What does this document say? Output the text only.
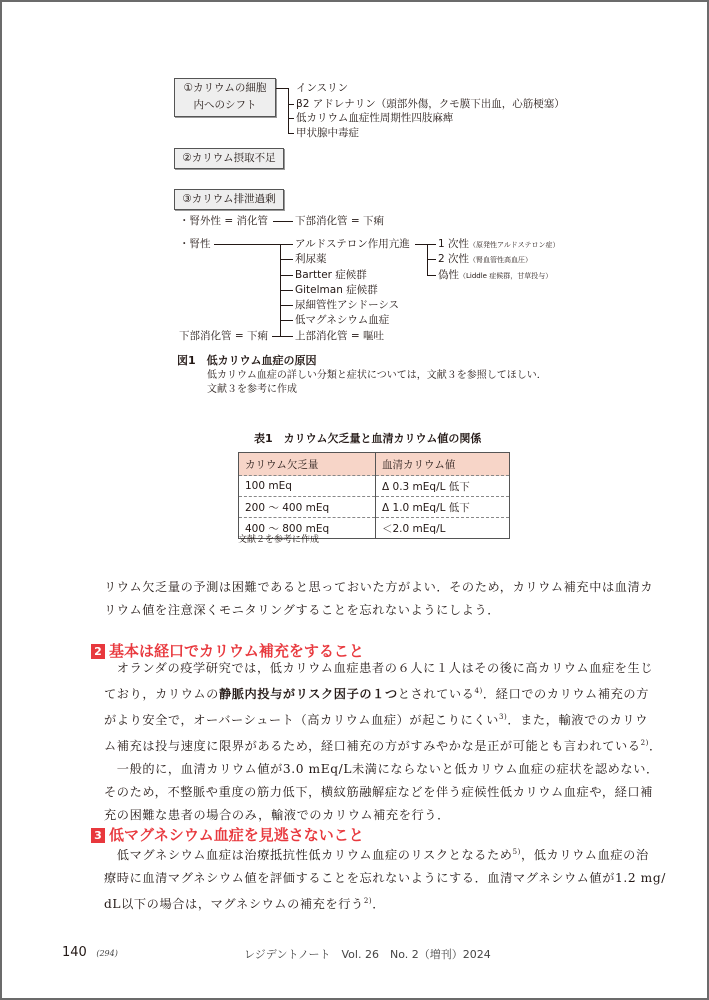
①カリウムの細胞
内へのシフト
インスリン
β2 アドレナリン（頭部外傷，クモ膜下出血，心筋梗塞）
低カリウム血症性周期性四肢麻痺
甲状腺中毒症
②カリウム摂取不足
③カリウム排泄過剰
・腎外性 = 消化管	下部消化管 = 下痢
・腎性	アルドステロン作用亢進
利尿薬
Bartter 症候群
Gitelman 症候群
尿細管性アシドーシス
低マグネシウム血症
上部消化管 = 嘔吐
下部消化管 = 下痢
1 次性（原発性アルドステロン症）
2 次性（腎血管性高血圧）
偽性（Liddle 症候群，甘草投与）
図1　低カリウム血症の原因
低カリウム血症の詳しい分類と症状については，文献３を参照してほしい．
文献３を参考に作成
表1　カリウム欠乏量と血清カリウム値の関係
カリウム欠乏量	血清カリウム値
100 mEq	Δ 0.3 mEq/L 低下
200 ～ 400 mEq	Δ 1.0 mEq/L 低下
400 ～ 800 mEq	＜2.0 mEq/L
文献２を参考に作成
リウム欠乏量の予測は困難であると思っておいた方がよい．そのため，カリウム補充中は血清カ
リウム値を注意深くモニタリングすることを忘れないようにしよう．
2 基本は経口でカリウム補充をすること
　オランダの疫学研究では，低カリウム血症患者の６人に１人はその後に高カリウム血症を生じ
ており，カリウムの静脈内投与がリスク因子の１つとされている$^{4)}$．経口でのカリウム補充の方
がより安全で，オーバーシュート（高カリウム血症）が起こりにくい$^{3)}$．また，輸液でのカリウ
ム補充は投与速度に限界があるため，経口補充の方がすみやかな是正が可能とも言われている$^{2)}$．
　一般的に，血清カリウム値が3.0 mEq/L未満にならないと低カリウム血症の症状を認めない．
そのため，不整脈や重度の筋力低下，横紋筋融解症などを伴う症候性低カリウム血症や，経口補
充の困難な患者の場合のみ，輸液でのカリウム補充を行う．
3 低マグネシウム血症を見逃さないこと
　低マグネシウム血症は治療抵抗性低カリウム血症のリスクとなるため$^{5)}$，低カリウム血症の治
療時に血清マグネシウム値を評価することを忘れないようにする．血清マグネシウム値が1.2 mg/
dL以下の場合は，マグネシウムの補充を行う$^{2)}$．
140 (294)	レジデントノート　Vol. 26　No. 2（増刊）2024
